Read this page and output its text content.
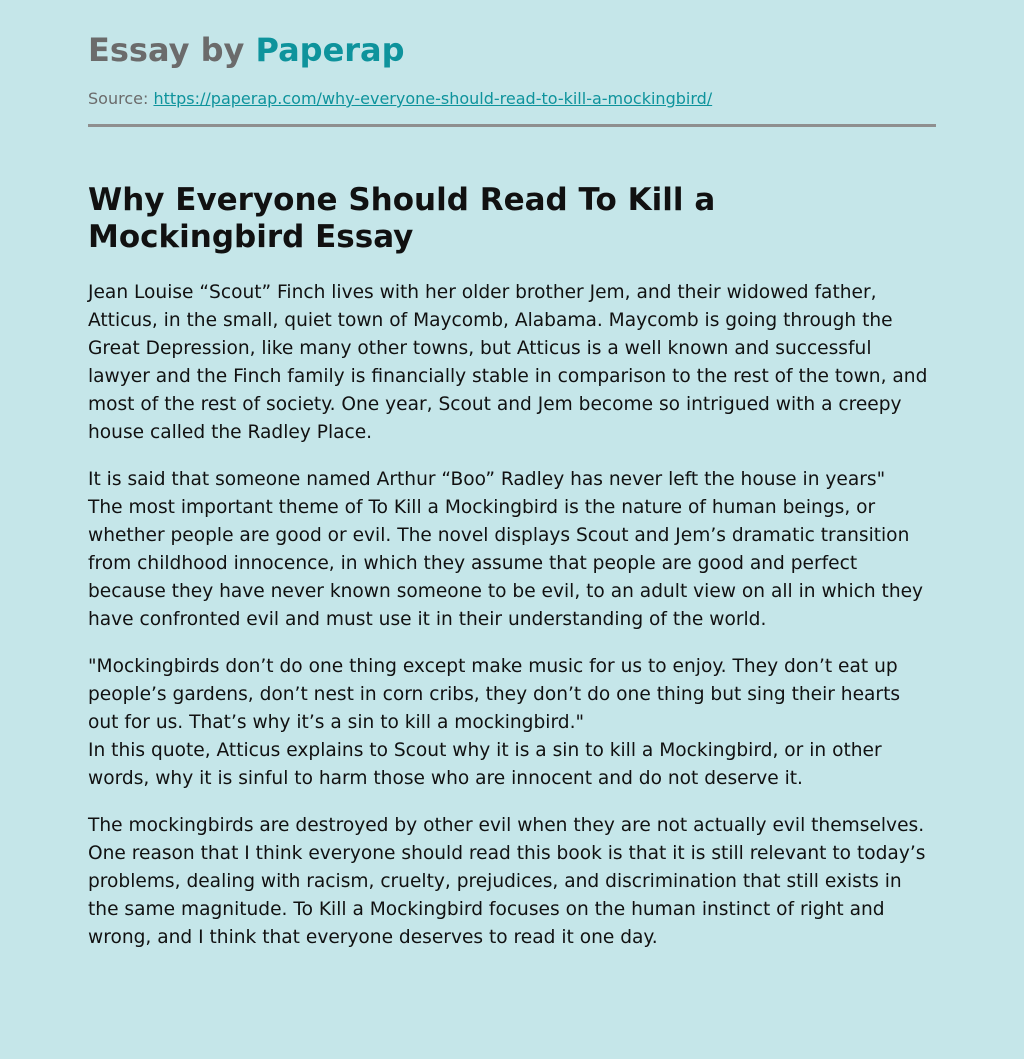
Essay by Paperap
Source: https://paperap.com/why-everyone-should-read-to-kill-a-mockingbird/
Why Everyone Should Read To Kill a Mockingbird Essay

Jean Louise “Scout” Finch lives with her older brother Jem, and their widowed father, Atticus, in the small, quiet town of Maycomb, Alabama. Maycomb is going through the Great Depression, like many other towns, but Atticus is a well known and successful lawyer and the Finch family is financially stable in comparison to the rest of the town, and most of the rest of society. One year, Scout and Jem become so intrigued with a creepy house called the Radley Place.

It is said that someone named Arthur “Boo” Radley has never left the house in years"
The most important theme of To Kill a Mockingbird is the nature of human beings, or whether people are good or evil. The novel displays Scout and Jem’s dramatic transition from childhood innocence, in which they assume that people are good and perfect because they have never known someone to be evil, to an adult view on all in which they have confronted evil and must use it in their understanding of the world.

"Mockingbirds don’t do one thing except make music for us to enjoy. They don’t eat up people’s gardens, don’t nest in corn cribs, they don’t do one thing but sing their hearts out for us. That’s why it’s a sin to kill a mockingbird."
In this quote, Atticus explains to Scout why it is a sin to kill a Mockingbird, or in other words, why it is sinful to harm those who are innocent and do not deserve it.

The mockingbirds are destroyed by other evil when they are not actually evil themselves.
One reason that I think everyone should read this book is that it is still relevant to today’s problems, dealing with racism, cruelty, prejudices, and discrimination that still exists in the same magnitude. To Kill a Mockingbird focuses on the human instinct of right and wrong, and I think that everyone deserves to read it one day.
